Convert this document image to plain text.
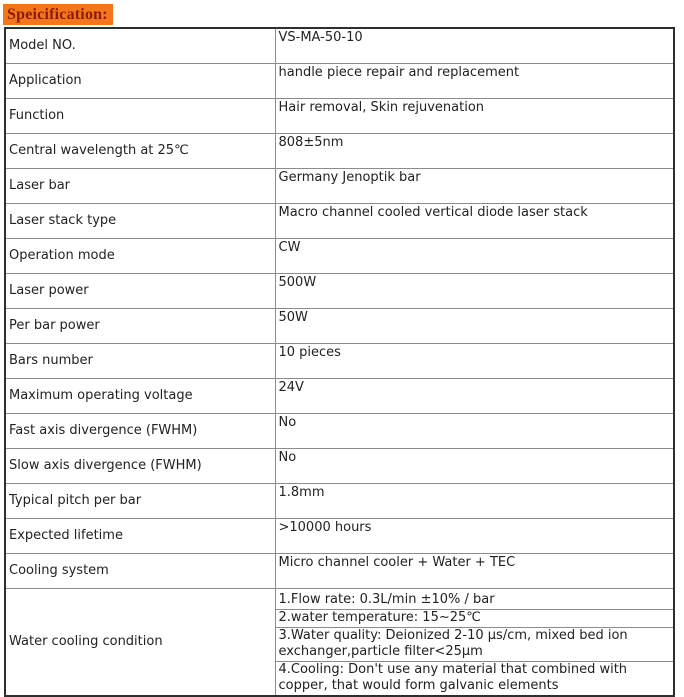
Speicification:
Model NO.	VS-MA-50-10
Application	handle piece repair and replacement
Function	Hair removal, Skin rejuvenation
Central wavelength at 25℃	808±5nm
Laser bar	Germany Jenoptik bar
Laser stack type	Macro channel cooled vertical diode laser stack
Operation mode	CW
Laser power	500W
Per bar power	50W
Bars number	10 pieces
Maximum operating voltage	24V
Fast axis divergence (FWHM)	No
Slow axis divergence (FWHM)	No
Typical pitch per bar	1.8mm
Expected lifetime	>10000 hours
Cooling system	Micro channel cooler + Water + TEC
Water cooling condition	1.Flow rate: 0.3L/min ±10% / bar
2.water temperature: 15~25℃
3.Water quality: Deionized 2-10 μs/cm, mixed bed ion exchanger,particle filter<25μm
4.Cooling: Don't use any material that combined with copper, that would form galvanic elements
